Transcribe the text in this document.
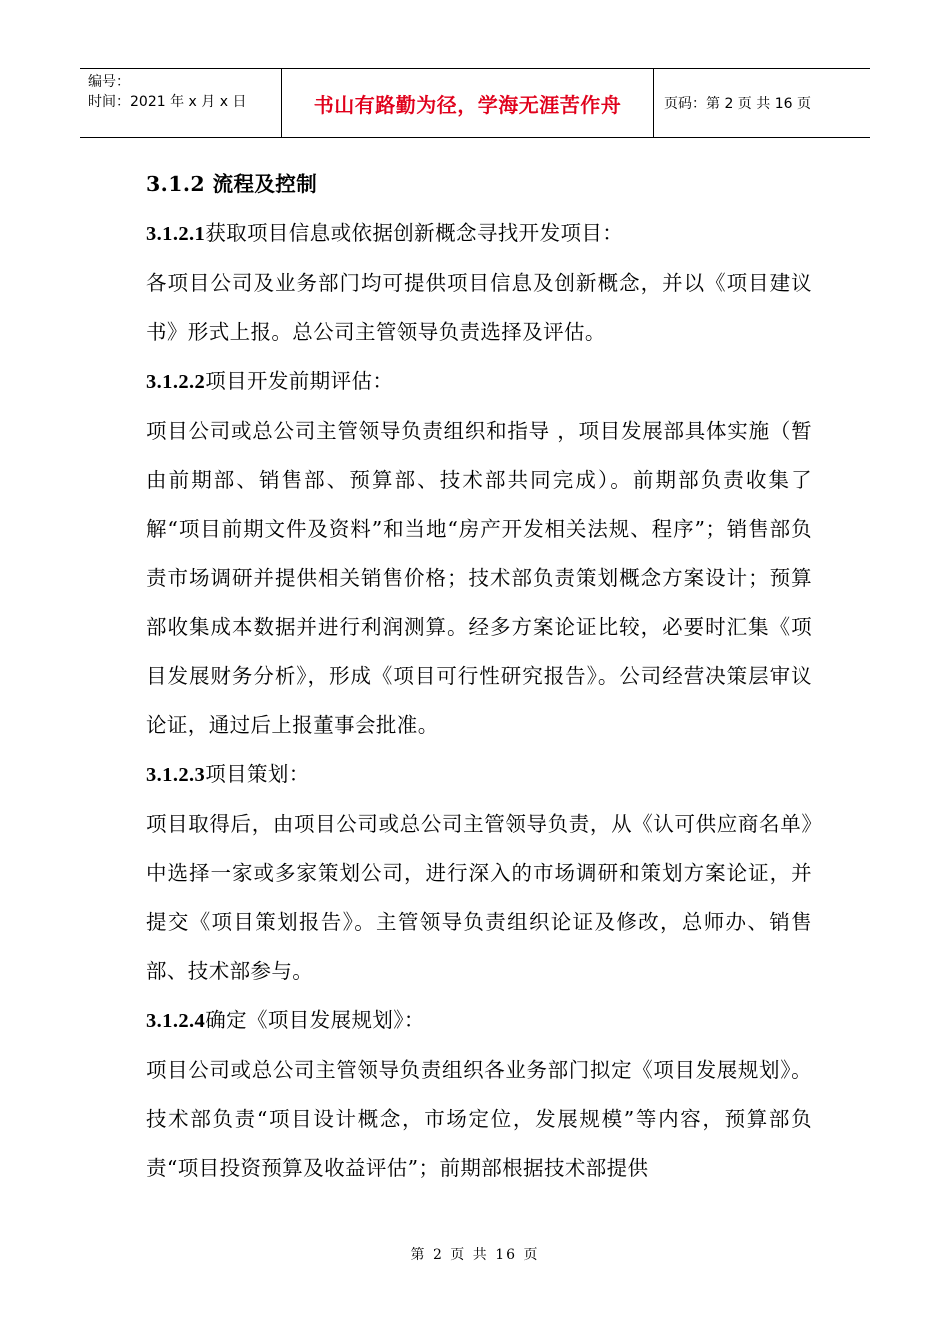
编号：
时间：2021 年 x 月 x 日	书山有路勤为径，学海无涯苦作舟	页码：第 2 页 共 16 页

3.1.2 流程及控制

3.1.2.1获取项目信息或依据创新概念寻找开发项目：

各项目公司及业务部门均可提供项目信息及创新概念，并以《项目建议书》形式上报。总公司主管领导负责选择及评估。

3.1.2.2项目开发前期评估：

项目公司或总公司主管领导负责组织和指导 ，项目发展部具体实施（暂由前期部、销售部、预算部、技术部共同完成）。前期部负责收集了解“项目前期文件及资料”和当地“房产开发相关法规、程序”；销售部负责市场调研并提供相关销售价格；技术部负责策划概念方案设计；预算部收集成本数据并进行利润测算。经多方案论证比较，必要时汇集《项目发展财务分析》，形成《项目可行性研究报告》。公司经营决策层审议论证，通过后上报董事会批准。

3.1.2.3项目策划：

项目取得后，由项目公司或总公司主管领导负责，从《认可供应商名单》中选择一家或多家策划公司，进行深入的市场调研和策划方案论证，并提交《项目策划报告》。主管领导负责组织论证及修改，总师办、销售部、技术部参与。

3.1.2.4确定《项目发展规划》：

项目公司或总公司主管领导负责组织各业务部门拟定《项目发展规划》。技术部负责“项目设计概念，市场定位，发展规模”等内容，预算部负责“项目投资预算及收益评估”；前期部根据技术部提供

第 2 页 共 16 页
